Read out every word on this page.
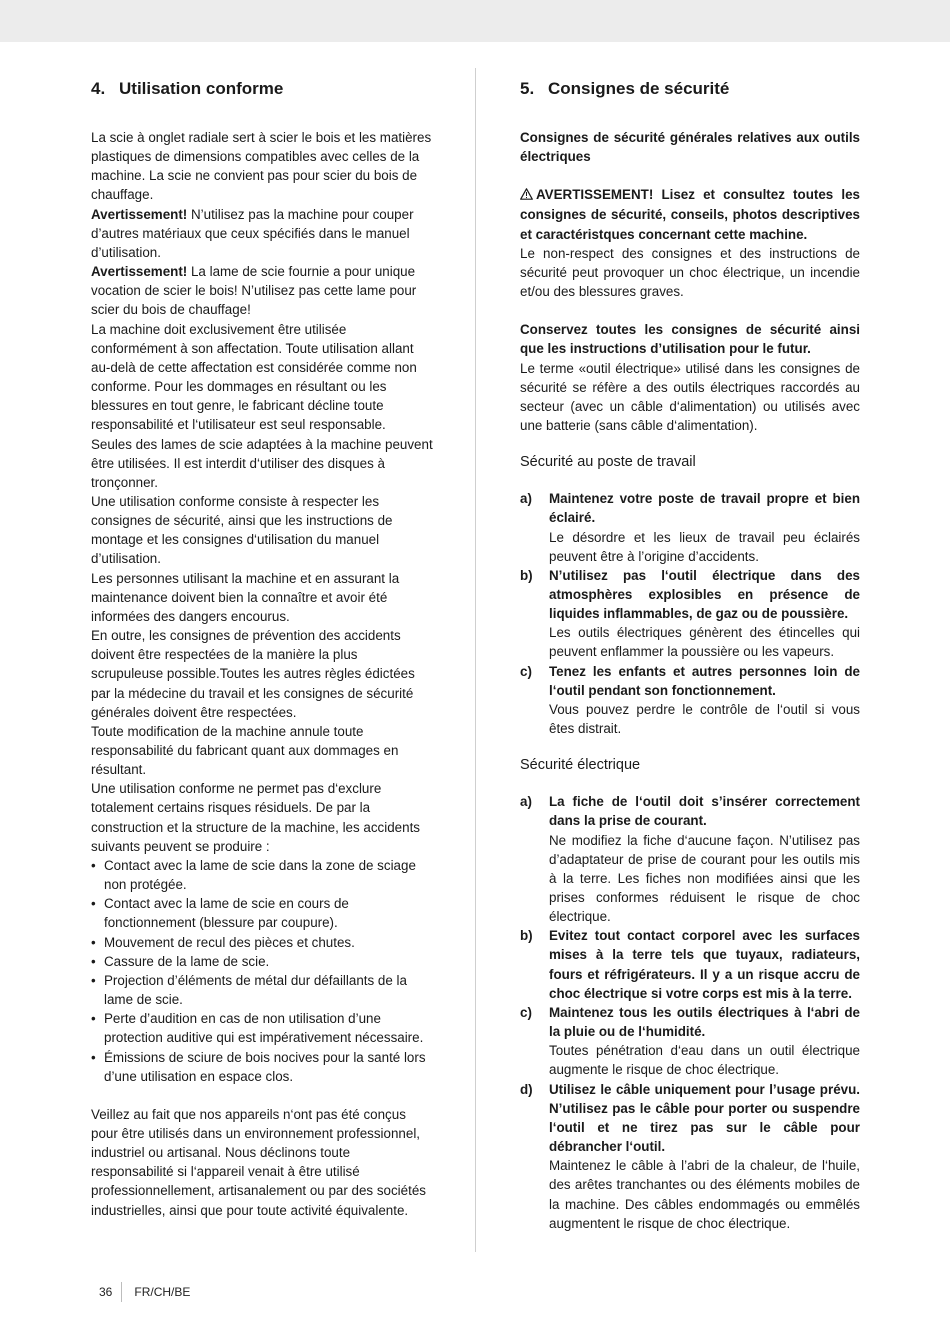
4. Utilisation conforme

La scie à onglet radiale sert à scier le bois et les matières plastiques de dimensions compatibles avec celles de la machine. La scie ne convient pas pour scier du bois de chauffage.

Avertissement! N’utilisez pas la machine pour couper d’autres matériaux que ceux spécifiés dans le manuel d’utilisation.

Avertissement! La lame de scie fournie a pour unique vocation de scier le bois! N’utilisez pas cette lame pour scier du bois de chauffage!

La machine doit exclusivement être utilisée conformément à son affectation. Toute utilisation allant au-delà de cette affectation est considérée comme non conforme. Pour les dommages en résultant ou les blessures en tout genre, le fabricant décline toute responsabilité et l‘utilisateur est seul responsable.

Seules des lames de scie adaptées à la machine peuvent être utilisées. Il est interdit d‘utiliser des disques à tronçonner.

Une utilisation conforme consiste à respecter les consignes de sécurité, ainsi que les instructions de montage et les consignes d‘utilisation du manuel d’utilisation.

Les personnes utilisant la machine et en assurant la maintenance doivent bien la connaître et avoir été informées des dangers encourus.

En outre, les consignes de prévention des accidents doivent être respectées de la manière la plus scrupuleuse possible.Toutes les autres règles édictées par la médecine du travail et les consignes de sécurité générales doivent être respectées.

Toute modification de la machine annule toute responsabilité du fabricant quant aux dommages en résultant.

Une utilisation conforme ne permet pas d‘exclure totalement certains risques résiduels. De par la construction et la structure de la machine, les accidents suivants peuvent se produire :

• Contact avec la lame de scie dans la zone de sciage non protégée.
• Contact avec la lame de scie en cours de fonctionnement (blessure par coupure).
• Mouvement de recul des pièces et chutes.
• Cassure de la lame de scie.
• Projection d’éléments de métal dur défaillants de la lame de scie.
• Perte d’audition en cas de non utilisation d’une protection auditive qui est impérativement nécessaire.
• Émissions de sciure de bois nocives pour la santé lors d’une utilisation en espace clos.

Veillez au fait que nos appareils n‘ont pas été conçus pour être utilisés dans un environnement professionnel, industriel ou artisanal. Nous déclinons toute responsabilité si l‘appareil venait à être utilisé professionnellement, artisanalement ou par des sociétés industrielles, ainsi que pour toute activité équivalente.

5. Consignes de sécurité

Consignes de sécurité générales relatives aux outils électriques

AVERTISSEMENT! Lisez et consultez toutes les consignes de sécurité, conseils, photos descriptives et caractéristques concernant cette machine.

Le non-respect des consignes et des instructions de sécurité peut provoquer un choc électrique, un incendie et/ou des blessures graves.

Conservez toutes les consignes de sécurité ainsi que les instructions d’utilisation pour le futur.

Le terme «outil électrique» utilisé dans les consignes de sécurité se réfère a des outils électriques raccordés au secteur (avec un câble d‘alimentation) ou utilisés avec une batterie (sans câble d‘alimentation).

Sécurité au poste de travail
a) Maintenez votre poste de travail propre et bien éclairé.
Le désordre et les lieux de travail peu éclairés peuvent être à l’origine d’accidents.
b) N’utilisez pas l‘outil électrique dans des atmosphères explosibles en présence de liquides inflammables, de gaz ou de poussière.
Les outils électriques génèrent des étincelles qui peuvent enflammer la poussière ou les vapeurs.
c) Tenez les enfants et autres personnes loin de l‘outil pendant son fonctionnement.
Vous pouvez perdre le contrôle de l‘outil si vous êtes distrait.
Sécurité électrique
a) La fiche de l‘outil doit s’insérer correctement dans la prise de courant.
Ne modifiez la fiche d‘aucune façon. N’utilisez pas d’adaptateur de prise de courant pour les outils mis à la terre. Les fiches non modifiées ainsi que les prises conformes réduisent le risque de choc électrique.
b) Evitez tout contact corporel avec les surfaces mises à la terre tels que tuyaux, radiateurs, fours et réfrigérateurs. Il y a un risque accru de choc électrique si votre corps est mis à la terre.
c) Maintenez tous les outils électriques à l‘abri de la pluie ou de l‘humidité.
Toutes pénétration d‘eau dans un outil électrique augmente le risque de choc électrique.
d) Utilisez le câble uniquement pour l’usage prévu. N’utilisez pas le câble pour porter ou suspendre l‘outil et ne tirez pas sur le câble pour débrancher l‘outil.
Maintenez le câble à l’abri de la chaleur, de l‘huile, des arêtes tranchantes ou des éléments mobiles de la machine. Des câbles endommagés ou emmêlés augmentent le risque de choc électrique.
36 FR/CH/BE
